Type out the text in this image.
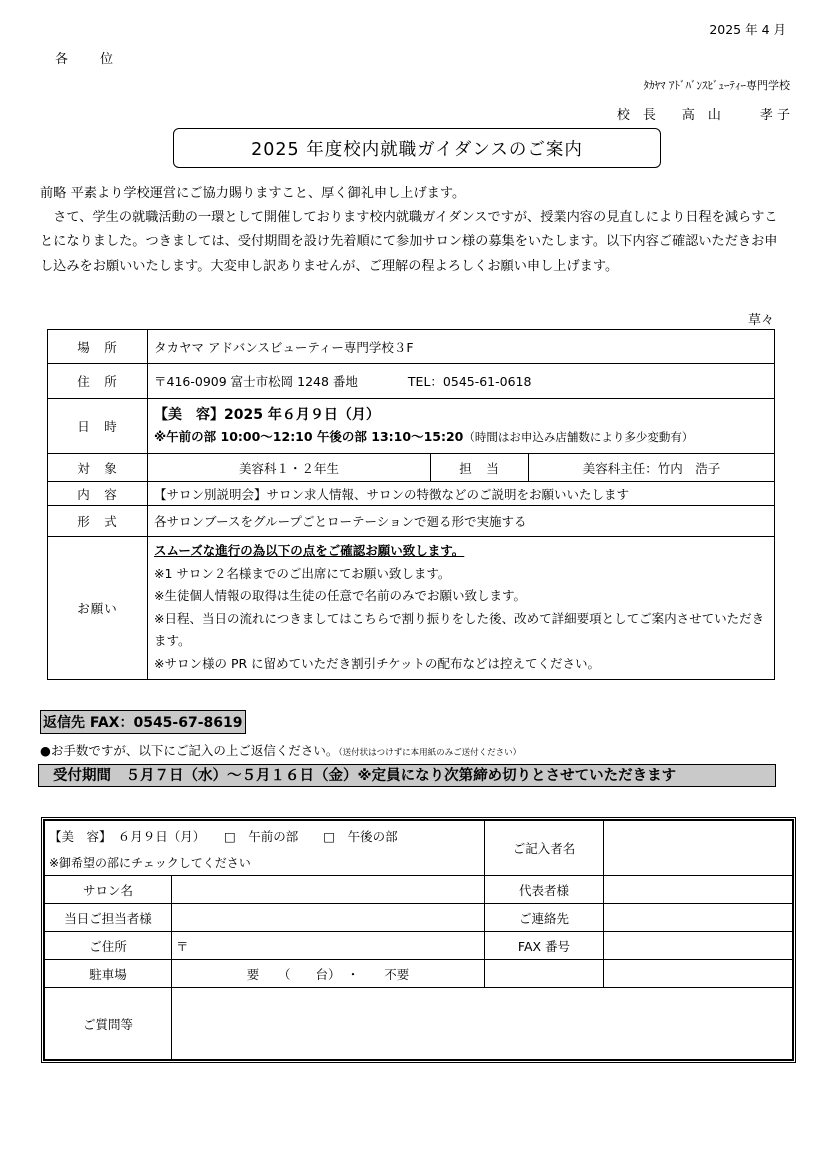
2025 年 4 月
各　　位
ﾀｶﾔﾏ ｱﾄﾞﾊﾞﾝｽﾋﾞｭｰﾃｨｰ専門学校
校　長　　高　山　　　孝 子
2025 年度校内就職ガイダンスのご案内

前略 平素より学校運営にご協力賜りますこと、厚く御礼申し上げます。

さて、学生の就職活動の一環として開催しております校内就職ガイダンスですが、授業内容の見直しにより日程を減らすことになりました。つきましては、受付期間を設け先着順にて参加サロン様の募集をいたします。以下内容ご確認いただきお申し込みをお願いいたします。大変申し訳ありませんが、ご理解の程よろしくお願い申し上げます。

草々
場　所	タカヤマ アドバンスビューティー専門学校３F		
住　所	〒416-0909 富士市松岡 1248 番地　　　　TEL：0545-61-0618		
日　時	【美　容】2025 年６月９日（月）
※午前の部 10:00～12:10 午後の部 13:10～15:20（時間はお申込み店舗数により多少変動有）		

対　象	美容科１・２年生	担　当	美容科主任：竹内　浩子
内　容	【サロン別説明会】サロン求人情報、サロンの特徴などのご説明をお願いいたします		
形　式	各サロンブースをグループごとローテーションで廻る形で実施する		
お願い	スムーズな進行の為以下の点をご確認お願い致します。
※1 サロン２名様までのご出席にてお願い致します。
※生徒個人情報の取得は生徒の任意で名前のみでお願い致します。
※日程、当日の流れにつきましてはこちらで割り振りをした後、改めて詳細要項としてご案内させていただきます。
※サロン様の PR に留めていただき割引チケットの配布などは控えてください。		
返信先 FAX：0545-67-8619
●お手数ですが、以下にご記入の上ご返信ください。（送付状はつけずに本用紙のみご送付ください）
受付期間　５月７日（水）～５月１６日（金）※定員になり次第締め切りとさせていただきます
【美　容】　６月９日（月）　　□　午前の部　　□　午後の部		ご記入者名	
※御希望の部にチェックしてください			
サロン名		代表者様	
当日ご担当者様		ご連絡先	
ご住所	〒	FAX 番号	
駐車場	要　　（　　台）　・　　不要		
ご質問等			
